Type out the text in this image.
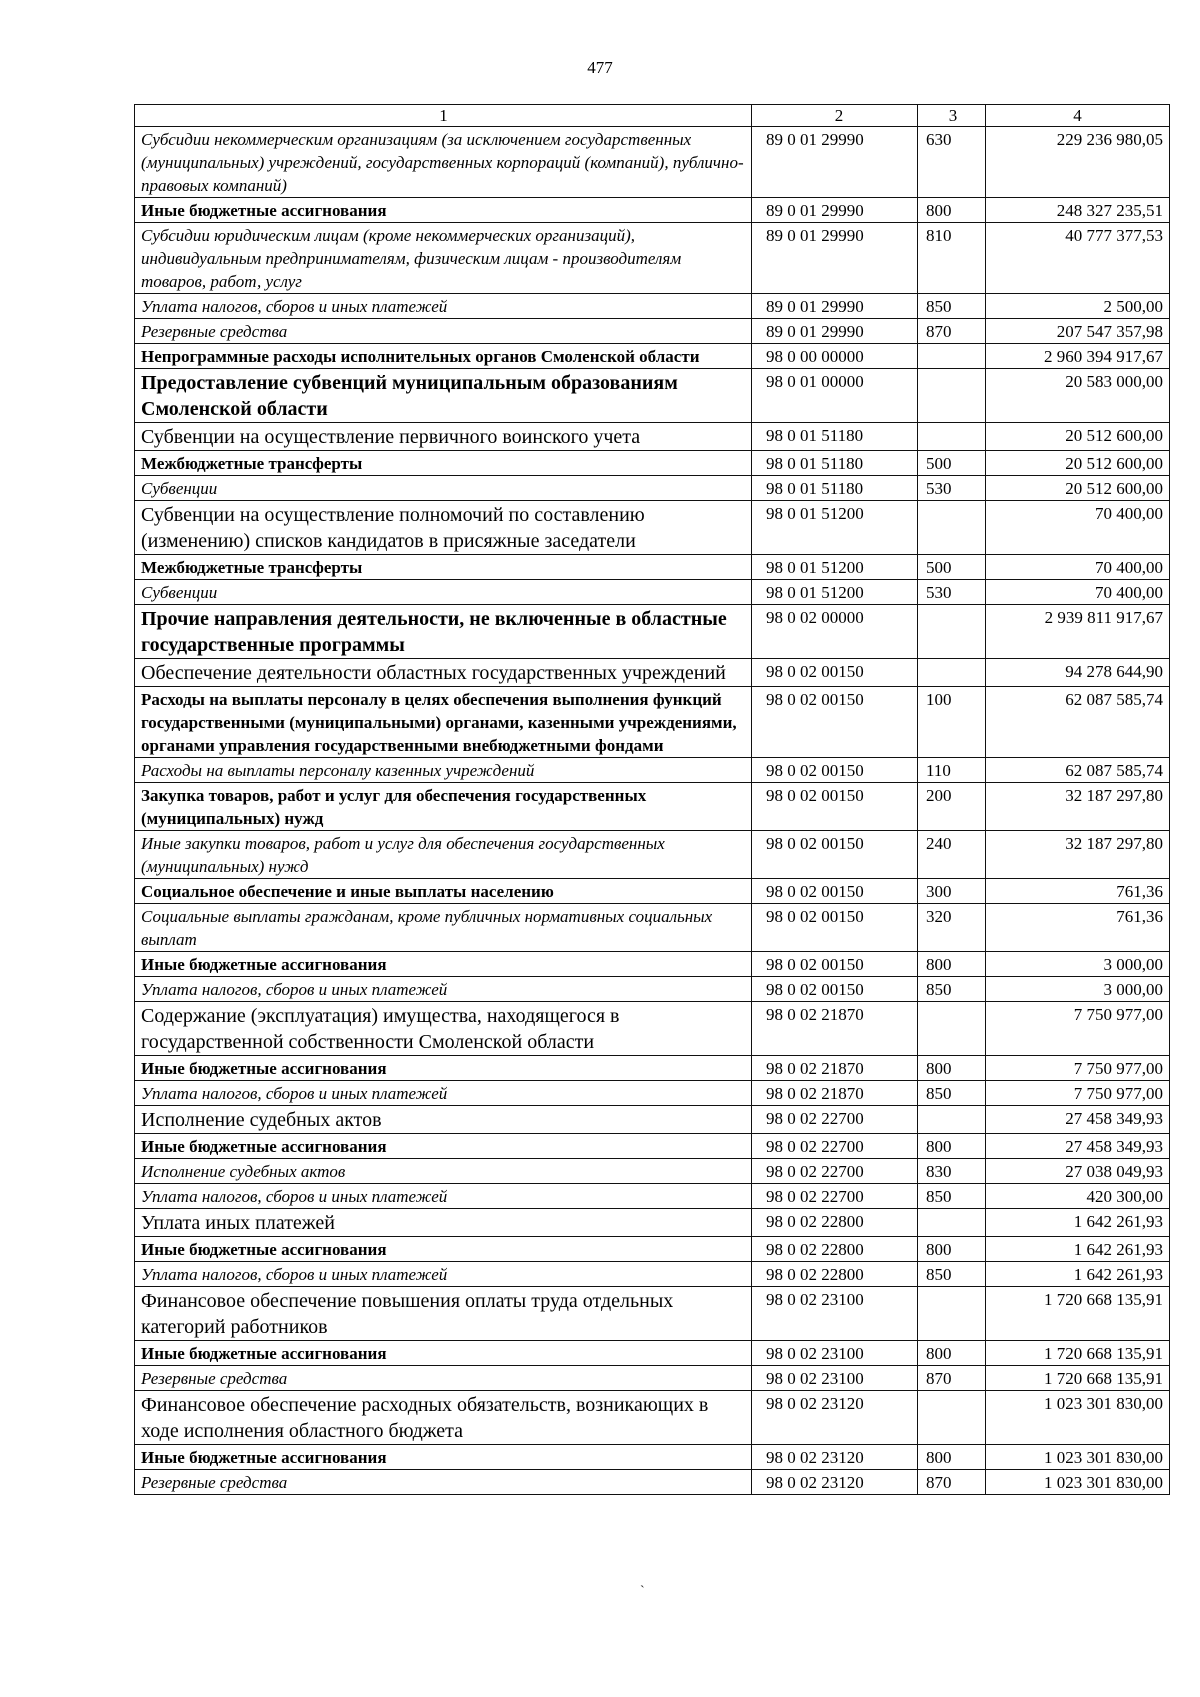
477
1	2	3	4
Субсидии некоммерческим организациям (за исключением государственных (муниципальных) учреждений, государственных корпораций (компаний), публично-правовых компаний)	89 0 01 29990	630	229 236 980,05
Иные бюджетные ассигнования	89 0 01 29990	800	248 327 235,51
Субсидии юридическим лицам (кроме некоммерческих организаций), индивидуальным предпринимателям, физическим лицам - производителям товаров, работ, услуг	89 0 01 29990	810	40 777 377,53
Уплата налогов, сборов и иных платежей	89 0 01 29990	850	2 500,00
Резервные средства	89 0 01 29990	870	207 547 357,98
Непрограммные расходы исполнительных органов Смоленской области	98 0 00 00000		2 960 394 917,67
Предоставление субвенций муниципальным образованиям Смоленской области	98 0 01 00000		20 583 000,00
Субвенции на осуществление первичного воинского учета	98 0 01 51180		20 512 600,00
Межбюджетные трансферты	98 0 01 51180	500	20 512 600,00
Субвенции	98 0 01 51180	530	20 512 600,00
Субвенции на осуществление полномочий по составлению (изменению) списков кандидатов в присяжные заседатели	98 0 01 51200		70 400,00
Межбюджетные трансферты	98 0 01 51200	500	70 400,00
Субвенции	98 0 01 51200	530	70 400,00
Прочие направления деятельности, не включенные в областные государственные программы	98 0 02 00000		2 939 811 917,67
Обеспечение деятельности областных государственных учреждений	98 0 02 00150		94 278 644,90
Расходы на выплаты персоналу в целях обеспечения выполнения функций государственными (муниципальными) органами, казенными учреждениями, органами управления государственными внебюджетными фондами	98 0 02 00150	100	62 087 585,74
Расходы на выплаты персоналу казенных учреждений	98 0 02 00150	110	62 087 585,74
Закупка товаров, работ и услуг для обеспечения государственных (муниципальных) нужд	98 0 02 00150	200	32 187 297,80
Иные закупки товаров, работ и услуг для обеспечения государственных (муниципальных) нужд	98 0 02 00150	240	32 187 297,80
Социальное обеспечение и иные выплаты населению	98 0 02 00150	300	761,36
Социальные выплаты гражданам, кроме публичных нормативных социальных выплат	98 0 02 00150	320	761,36
Иные бюджетные ассигнования	98 0 02 00150	800	3 000,00
Уплата налогов, сборов и иных платежей	98 0 02 00150	850	3 000,00
Содержание (эксплуатация) имущества, находящегося в государственной собственности Смоленской области	98 0 02 21870		7 750 977,00
Иные бюджетные ассигнования	98 0 02 21870	800	7 750 977,00
Уплата налогов, сборов и иных платежей	98 0 02 21870	850	7 750 977,00
Исполнение судебных актов	98 0 02 22700		27 458 349,93
Иные бюджетные ассигнования	98 0 02 22700	800	27 458 349,93
Исполнение судебных актов	98 0 02 22700	830	27 038 049,93
Уплата налогов, сборов и иных платежей	98 0 02 22700	850	420 300,00
Уплата иных платежей	98 0 02 22800		1 642 261,93
Иные бюджетные ассигнования	98 0 02 22800	800	1 642 261,93
Уплата налогов, сборов и иных платежей	98 0 02 22800	850	1 642 261,93
Финансовое обеспечение повышения оплаты труда отдельных категорий работников	98 0 02 23100		1 720 668 135,91
Иные бюджетные ассигнования	98 0 02 23100	800	1 720 668 135,91
Резервные средства	98 0 02 23100	870	1 720 668 135,91
Финансовое обеспечение расходных обязательств, возникающих в ходе исполнения областного бюджета	98 0 02 23120		1 023 301 830,00
Иные бюджетные ассигнования	98 0 02 23120	800	1 023 301 830,00
Резервные средства	98 0 02 23120	870	1 023 301 830,00
˴
